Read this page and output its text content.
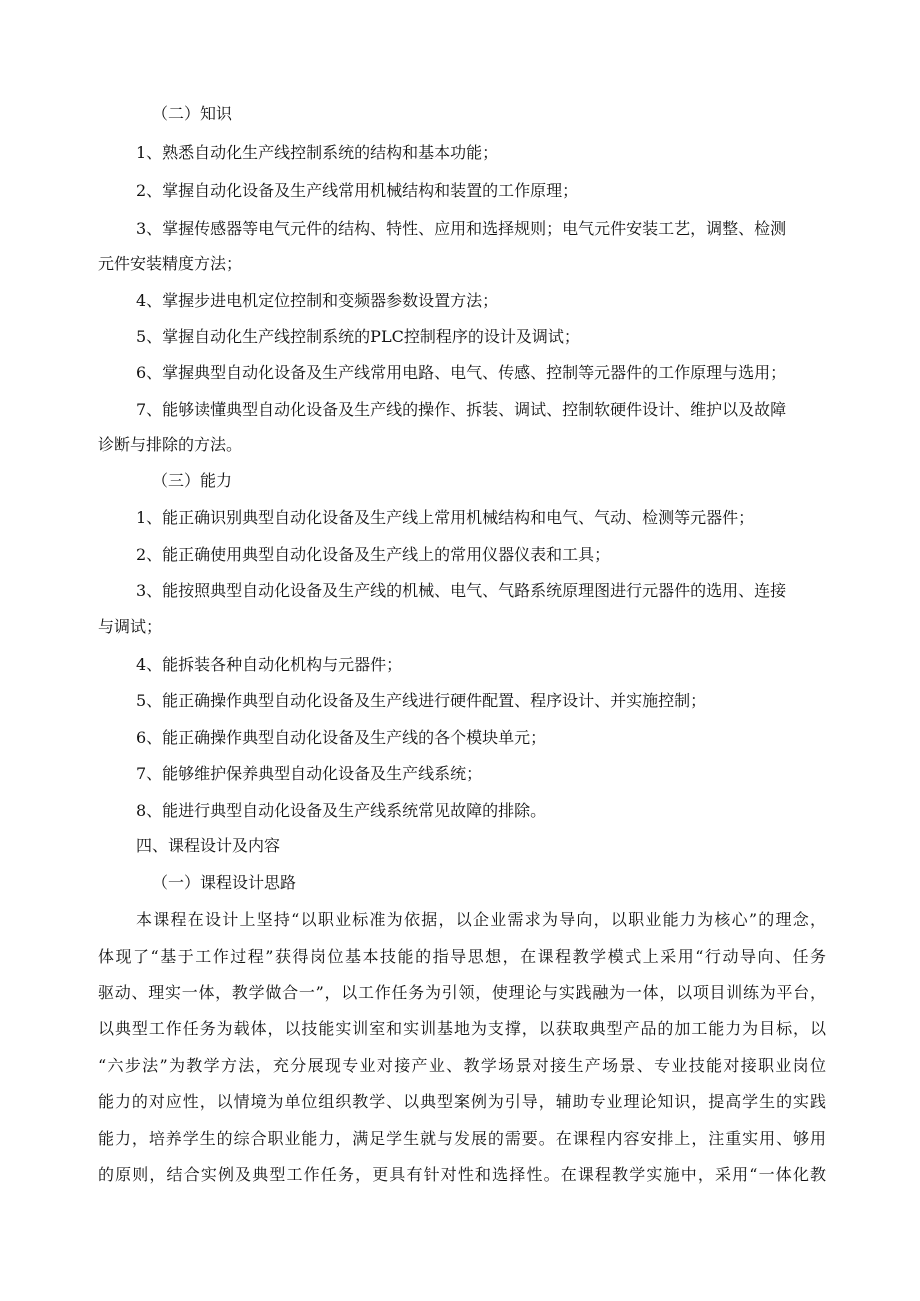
（二）知识
1、熟悉自动化生产线控制系统的结构和基本功能；
2、掌握自动化设备及生产线常用机械结构和装置的工作原理；
3、掌握传感器等电气元件的结构、特性、应用和选择规则；电气元件安装工艺，调整、检测
元件安装精度方法；
4、掌握步进电机定位控制和变频器参数设置方法；
5、掌握自动化生产线控制系统的PLC控制程序的设计及调试；
6、掌握典型自动化设备及生产线常用电路、电气、传感、控制等元器件的工作原理与选用；
7、能够读懂典型自动化设备及生产线的操作、拆装、调试、控制软硬件设计、维护以及故障
诊断与排除的方法。
（三）能力
1、能正确识别典型自动化设备及生产线上常用机械结构和电气、气动、检测等元器件；
2、能正确使用典型自动化设备及生产线上的常用仪器仪表和工具；
3、能按照典型自动化设备及生产线的机械、电气、气路系统原理图进行元器件的选用、连接
与调试；
4、能拆装各种自动化机构与元器件；
5、能正确操作典型自动化设备及生产线进行硬件配置、程序设计、并实施控制；
6、能正确操作典型自动化设备及生产线的各个模块单元；
7、能够维护保养典型自动化设备及生产线系统；
8、能进行典型自动化设备及生产线系统常见故障的排除。
四、课程设计及内容
（一）课程设计思路
本课程在设计上坚持“以职业标准为依据，以企业需求为导向，以职业能力为核心”的理念，
体现了“基于工作过程”获得岗位基本技能的指导思想，在课程教学模式上采用“行动导向、任务
驱动、理实一体，教学做合一”，以工作任务为引领，使理论与实践融为一体，以项目训练为平台，
以典型工作任务为载体，以技能实训室和实训基地为支撑，以获取典型产品的加工能力为目标，以
“六步法”为教学方法，充分展现专业对接产业、教学场景对接生产场景、专业技能对接职业岗位
能力的对应性，以情境为单位组织教学、以典型案例为引导，辅助专业理论知识，提高学生的实践
能力，培养学生的综合职业能力，满足学生就与发展的需要。在课程内容安排上，注重实用、够用
的原则，结合实例及典型工作任务，更具有针对性和选择性。在课程教学实施中，采用“一体化教
